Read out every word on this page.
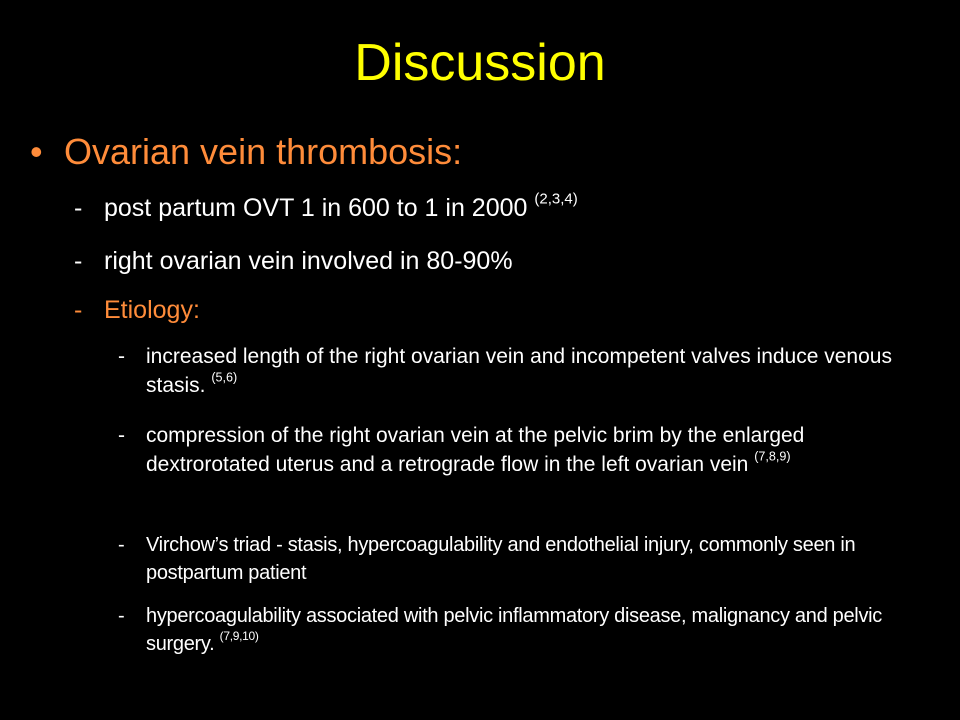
Discussion
• Ovarian vein thrombosis:
- post partum OVT 1 in 600 to 1 in 2000 $^{(2,3,4)}$
- right ovarian vein involved in 80-90%
- Etiology:
- increased length of the right ovarian vein and incompetent valves induce venous stasis. $^{(5,6)}$
- compression of the right ovarian vein at the pelvic brim by the enlarged dextrorotated uterus and a retrograde flow in the left ovarian vein $^{(7,8,9)}$
- Virchow’s triad - stasis, hypercoagulability and endothelial injury, commonly seen in postpartum patient
- hypercoagulability associated with pelvic inflammatory disease, malignancy and pelvic surgery. $^{(7,9,10)}$
